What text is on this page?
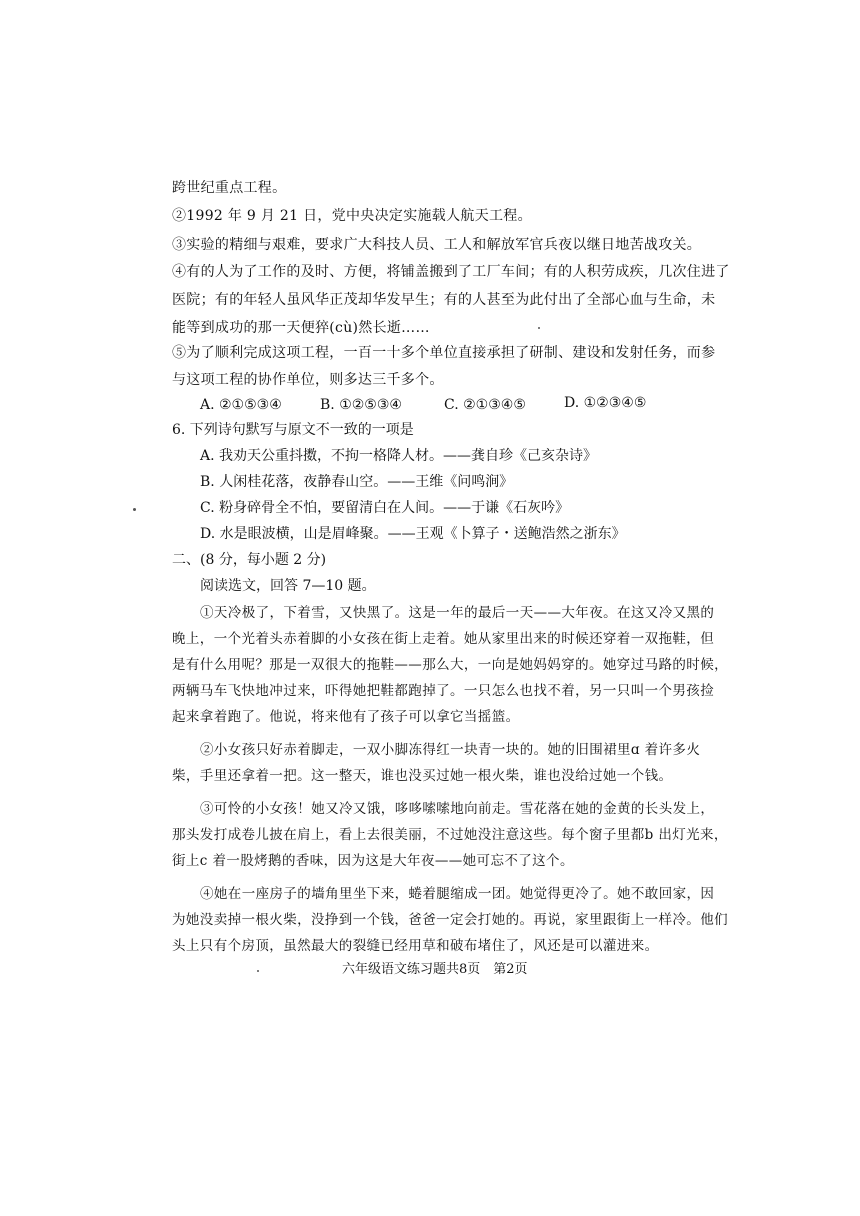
跨世纪重点工程。
②1992 年 9 月 21 日，党中央决定实施载人航天工程。
③实验的精细与艰难，要求广大科技人员、工人和解放军官兵夜以继日地苦战攻关。
④有的人为了工作的及时、方便，将铺盖搬到了工厂车间；有的人积劳成疾，几次住进了
医院；有的年轻人虽风华正茂却华发早生；有的人甚至为此付出了全部心血与生命，未
能等到成功的那一天便猝(cù)然长逝……
⑤为了顺利完成这项工程，一百一十多个单位直接承担了研制、建设和发射任务，而参
与这项工程的协作单位，则多达三千多个。
A. ②①⑤③④	B. ①②⑤③④	C. ②①③④⑤	D. ①②③④⑤
6. 下列诗句默写与原文不一致的一项是
A. 我劝天公重抖擞，不拘一格降人材。——龚自珍《己亥杂诗》
B. 人闲桂花落，夜静春山空。——王维《问鸣涧》
C. 粉身碎骨全不怕，要留清白在人间。——于谦《石灰吟》
D. 水是眼波横，山是眉峰聚。——王观《卜算子・送鲍浩然之浙东》
二、(8 分，每小题 2 分)
阅读选文，回答 7—10 题。
①天冷极了，下着雪，又快黑了。这是一年的最后一天——大年夜。在这又冷又黑的
晚上，一个光着头赤着脚的小女孩在街上走着。她从家里出来的时候还穿着一双拖鞋，但
是有什么用呢？那是一双很大的拖鞋——那么大，一向是她妈妈穿的。她穿过马路的时候，
两辆马车飞快地冲过来，吓得她把鞋都跑掉了。一只怎么也找不着，另一只叫一个男孩捡
起来拿着跑了。他说，将来他有了孩子可以拿它当摇篮。
②小女孩只好赤着脚走，一双小脚冻得红一块青一块的。她的旧围裙里ɑ 着许多火
柴，手里还拿着一把。这一整天，谁也没买过她一根火柴，谁也没给过她一个钱。
③可怜的小女孩！她又冷又饿，哆哆嗦嗦地向前走。雪花落在她的金黄的长头发上，
那头发打成卷儿披在肩上，看上去很美丽，不过她没注意这些。每个窗子里都b 出灯光来，
街上c 着一股烤鹅的香味，因为这是大年夜——她可忘不了这个。
④她在一座房子的墙角里坐下来，蜷着腿缩成一团。她觉得更冷了。她不敢回家，因
为她没卖掉一根火柴，没挣到一个钱，爸爸一定会打她的。再说，家里跟街上一样冷。他们
头上只有个房顶，虽然最大的裂缝已经用草和破布堵住了，风还是可以灌进来。
六年级语文练习题共8页　第2页
